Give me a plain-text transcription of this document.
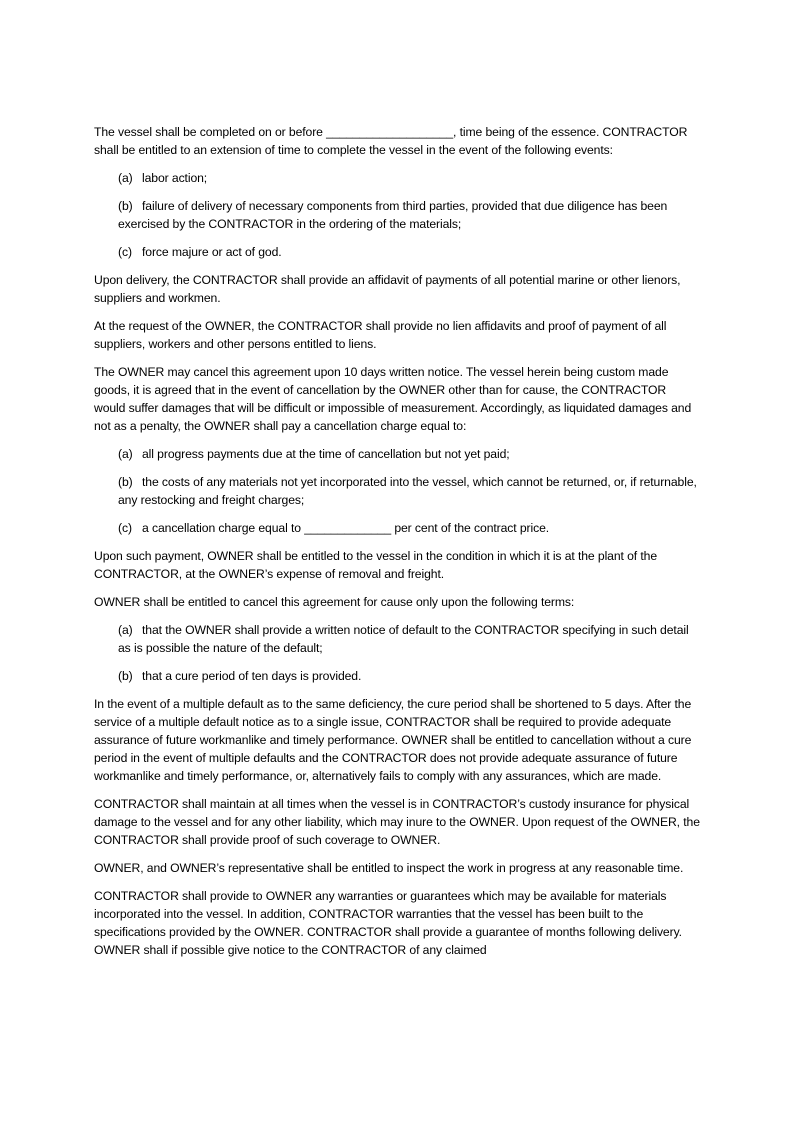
The vessel shall be completed on or before ___________________, time being of the essence. CONTRACTOR shall be entitled to an extension of time to complete the vessel in the event of the following events:

(a) labor action;
(b) failure of delivery of necessary components from third parties, provided that due diligence has been exercised by the CONTRACTOR in the ordering of the materials;
(c) force majure or act of god.

Upon delivery, the CONTRACTOR shall provide an affidavit of payments of all potential marine or other lienors, suppliers and workmen.

At the request of the OWNER, the CONTRACTOR shall provide no lien affidavits and proof of payment of all suppliers, workers and other persons entitled to liens.

The OWNER may cancel this agreement upon 10 days written notice. The vessel herein being custom made goods, it is agreed that in the event of cancellation by the OWNER other than for cause, the CONTRACTOR would suffer damages that will be difficult or impossible of measurement. Accordingly, as liquidated damages and not as a penalty, the OWNER shall pay a cancellation charge equal to:

(a) all progress payments due at the time of cancellation but not yet paid;
(b) the costs of any materials not yet incorporated into the vessel, which cannot be returned, or, if returnable, any restocking and freight charges;
(c) a cancellation charge equal to _____________ per cent of the contract price.

Upon such payment, OWNER shall be entitled to the vessel in the condition in which it is at the plant of the CONTRACTOR, at the OWNER’s expense of removal and freight.

OWNER shall be entitled to cancel this agreement for cause only upon the following terms:

(a) that the OWNER shall provide a written notice of default to the CONTRACTOR specifying in such detail as is possible the nature of the default;
(b) that a cure period of ten days is provided.

In the event of a multiple default as to the same deficiency, the cure period shall be shortened to 5 days. After the service of a multiple default notice as to a single issue, CONTRACTOR shall be required to provide adequate assurance of future workmanlike and timely performance. OWNER shall be entitled to cancellation without a cure period in the event of multiple defaults and the CONTRACTOR does not provide adequate assurance of future workmanlike and timely performance, or, alternatively fails to comply with any assurances, which are made.

CONTRACTOR shall maintain at all times when the vessel is in CONTRACTOR’s custody insurance for physical damage to the vessel and for any other liability, which may inure to the OWNER. Upon request of the OWNER, the CONTRACTOR shall provide proof of such coverage to OWNER.

OWNER, and OWNER’s representative shall be entitled to inspect the work in progress at any reasonable time.

CONTRACTOR shall provide to OWNER any warranties or guarantees which may be available for materials incorporated into the vessel. In addition, CONTRACTOR warranties that the vessel has been built to the specifications provided by the OWNER. CONTRACTOR shall provide a guarantee of months following delivery. OWNER shall if possible give notice to the CONTRACTOR of any claimed
